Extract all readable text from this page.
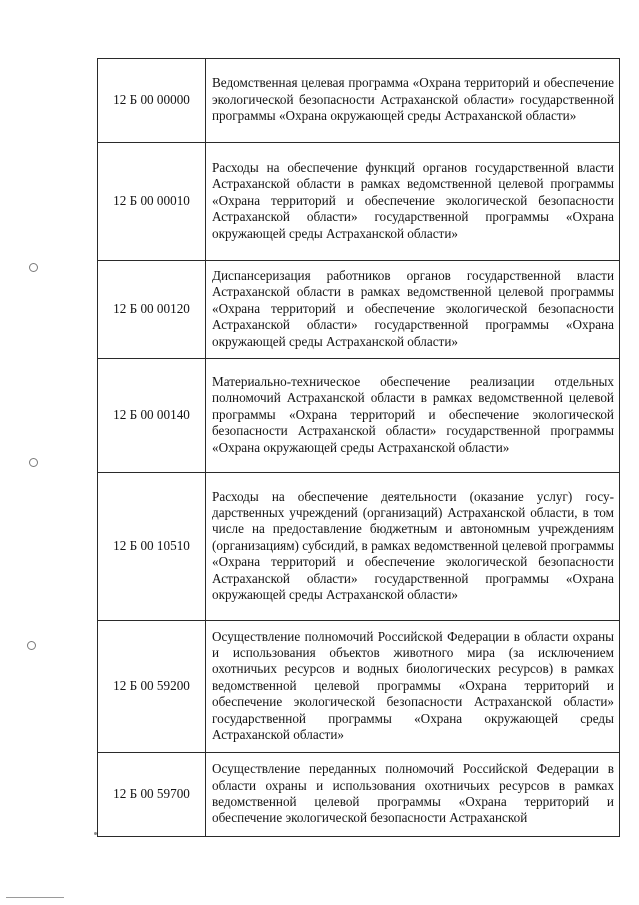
12 Б 00 00000	Ведомственная целевая программа «Охрана территорий и обеспечение экологической безопасности Астраханской области» государственной программы «Охрана окружающей среды Астраханской области»
12 Б 00 00010	Расходы на обеспечение функций органов государственной власти Астраханской области в рамках ведомственной целевой программы «Охрана территорий и обеспечение экологической безопасности Астраханской области» государственной программы «Охрана окружающей среды Астраханской области»
12 Б 00 00120	Диспансеризация работников органов государственной власти Астраханской области в рамках ведомственной целевой программы «Охрана территорий и обеспечение экологической безопасности Астраханской области» государственной программы «Охрана окружающей среды Астраханской области»
12 Б 00 00140	Материально-техническое обеспечение реализации отдельных полномочий Астраханской области в рамках ведомственной целевой программы «Охрана территорий и обеспечение экологической безопасности Астраханской области» государственной программы «Охрана окружающей среды Астраханской области»
12 Б 00 10510	Расходы на обеспечение деятельности (оказание услуг) государственных учреждений (организаций) Астраханской области, в том числе на предоставление бюджетным и автономным учреждениям (организациям) субсидий, в рамках ведомственной целевой программы «Охрана территорий и обеспечение экологической безопасности Астраханской области» государственной программы «Охрана окружающей среды Астраханской области»
12 Б 00 59200	Осуществление полномочий Российской Федерации в области охраны и использования объектов животного мира (за исключением охотничьих ресурсов и водных биологических ресурсов) в рамках ведомственной целевой программы «Охрана территорий и обеспечение экологической безопасности Астраханской области» государственной программы «Охрана окружающей среды Астраханской области»
12 Б 00 59700	Осуществление переданных полномочий Российской Федерации в области охраны и использования охотничьих ресурсов в рамках ведомственной целевой программы «Охрана территорий и обеспечение экологической безопасности Астраханской
